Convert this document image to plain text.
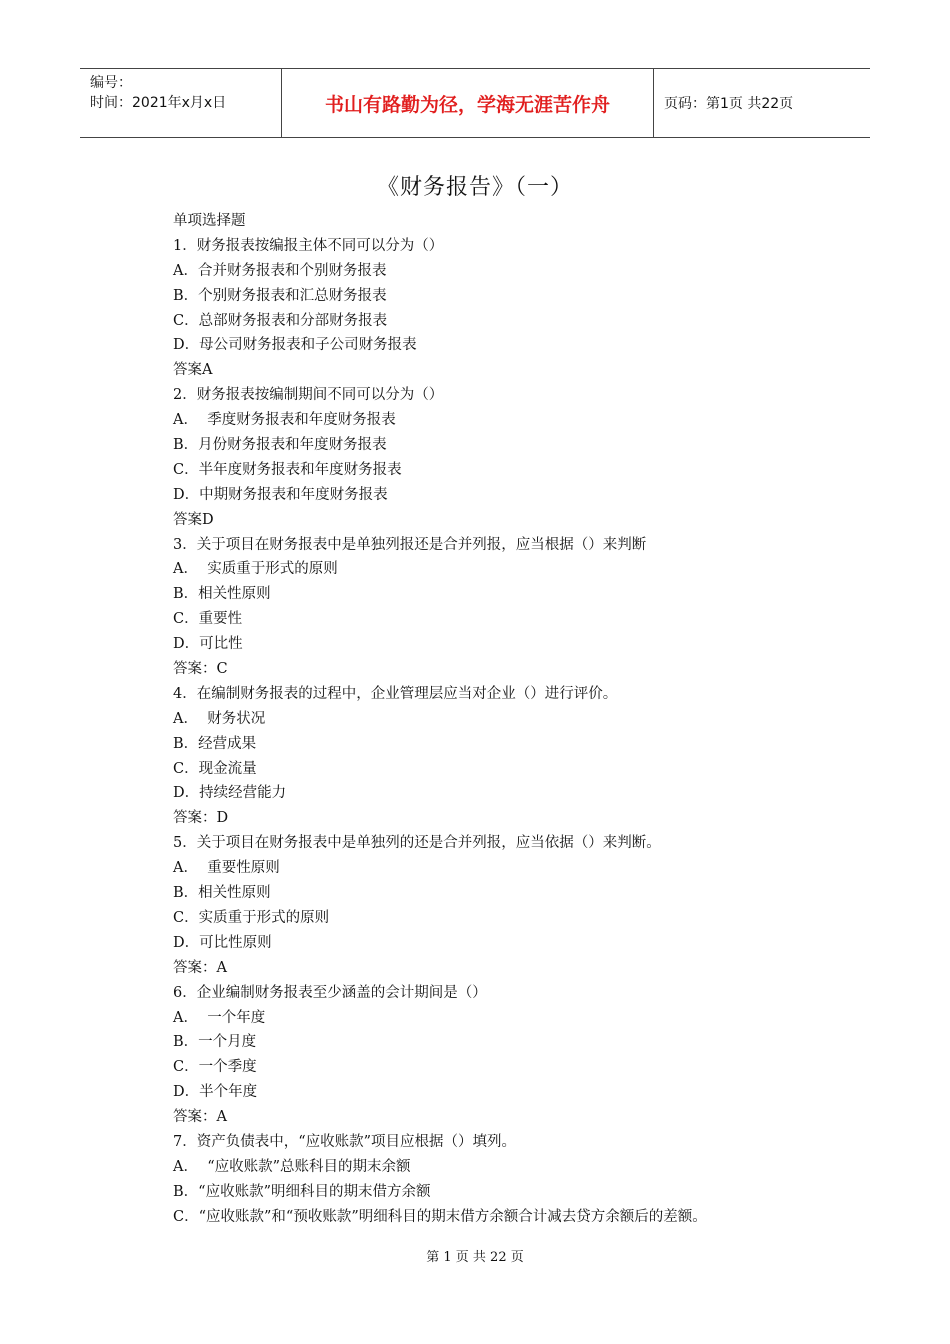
编号：
时间：2021年x月x日	书山有路勤为径，学海无涯苦作舟	页码：第1页 共22页
《财务报告》（一）
单项选择题
1．财务报表按编报主体不同可以分为（）
A．合并财务报表和个别财务报表
B．个别财务报表和汇总财务报表
C．总部财务报表和分部财务报表
D．母公司财务报表和子公司财务报表
答案A
2．财务报表按编制期间不同可以分为（）
A．  季度财务报表和年度财务报表
B．月份财务报表和年度财务报表
C．半年度财务报表和年度财务报表
D．中期财务报表和年度财务报表
答案D
3．关于项目在财务报表中是单独列报还是合并列报，应当根据（）来判断
A．  实质重于形式的原则
B．相关性原则
C．重要性
D．可比性
答案：C
4．在编制财务报表的过程中，企业管理层应当对企业（）进行评价。
A．  财务状况
B．经营成果
C．现金流量
D．持续经营能力
答案：D
5．关于项目在财务报表中是单独列的还是合并列报，应当依据（）来判断。
A．  重要性原则
B．相关性原则
C．实质重于形式的原则
D．可比性原则
答案：A
6．企业编制财务报表至少涵盖的会计期间是（）
A．  一个年度
B．一个月度
C．一个季度
D．半个年度
答案：A
7．资产负债表中，“应收账款”项目应根据（）填列。
A．  “应收账款”总账科目的期末余额
B．“应收账款”明细科目的期末借方余额
C．“应收账款”和“预收账款”明细科目的期末借方余额合计减去贷方余额后的差额。
第 1 页 共 22 页
